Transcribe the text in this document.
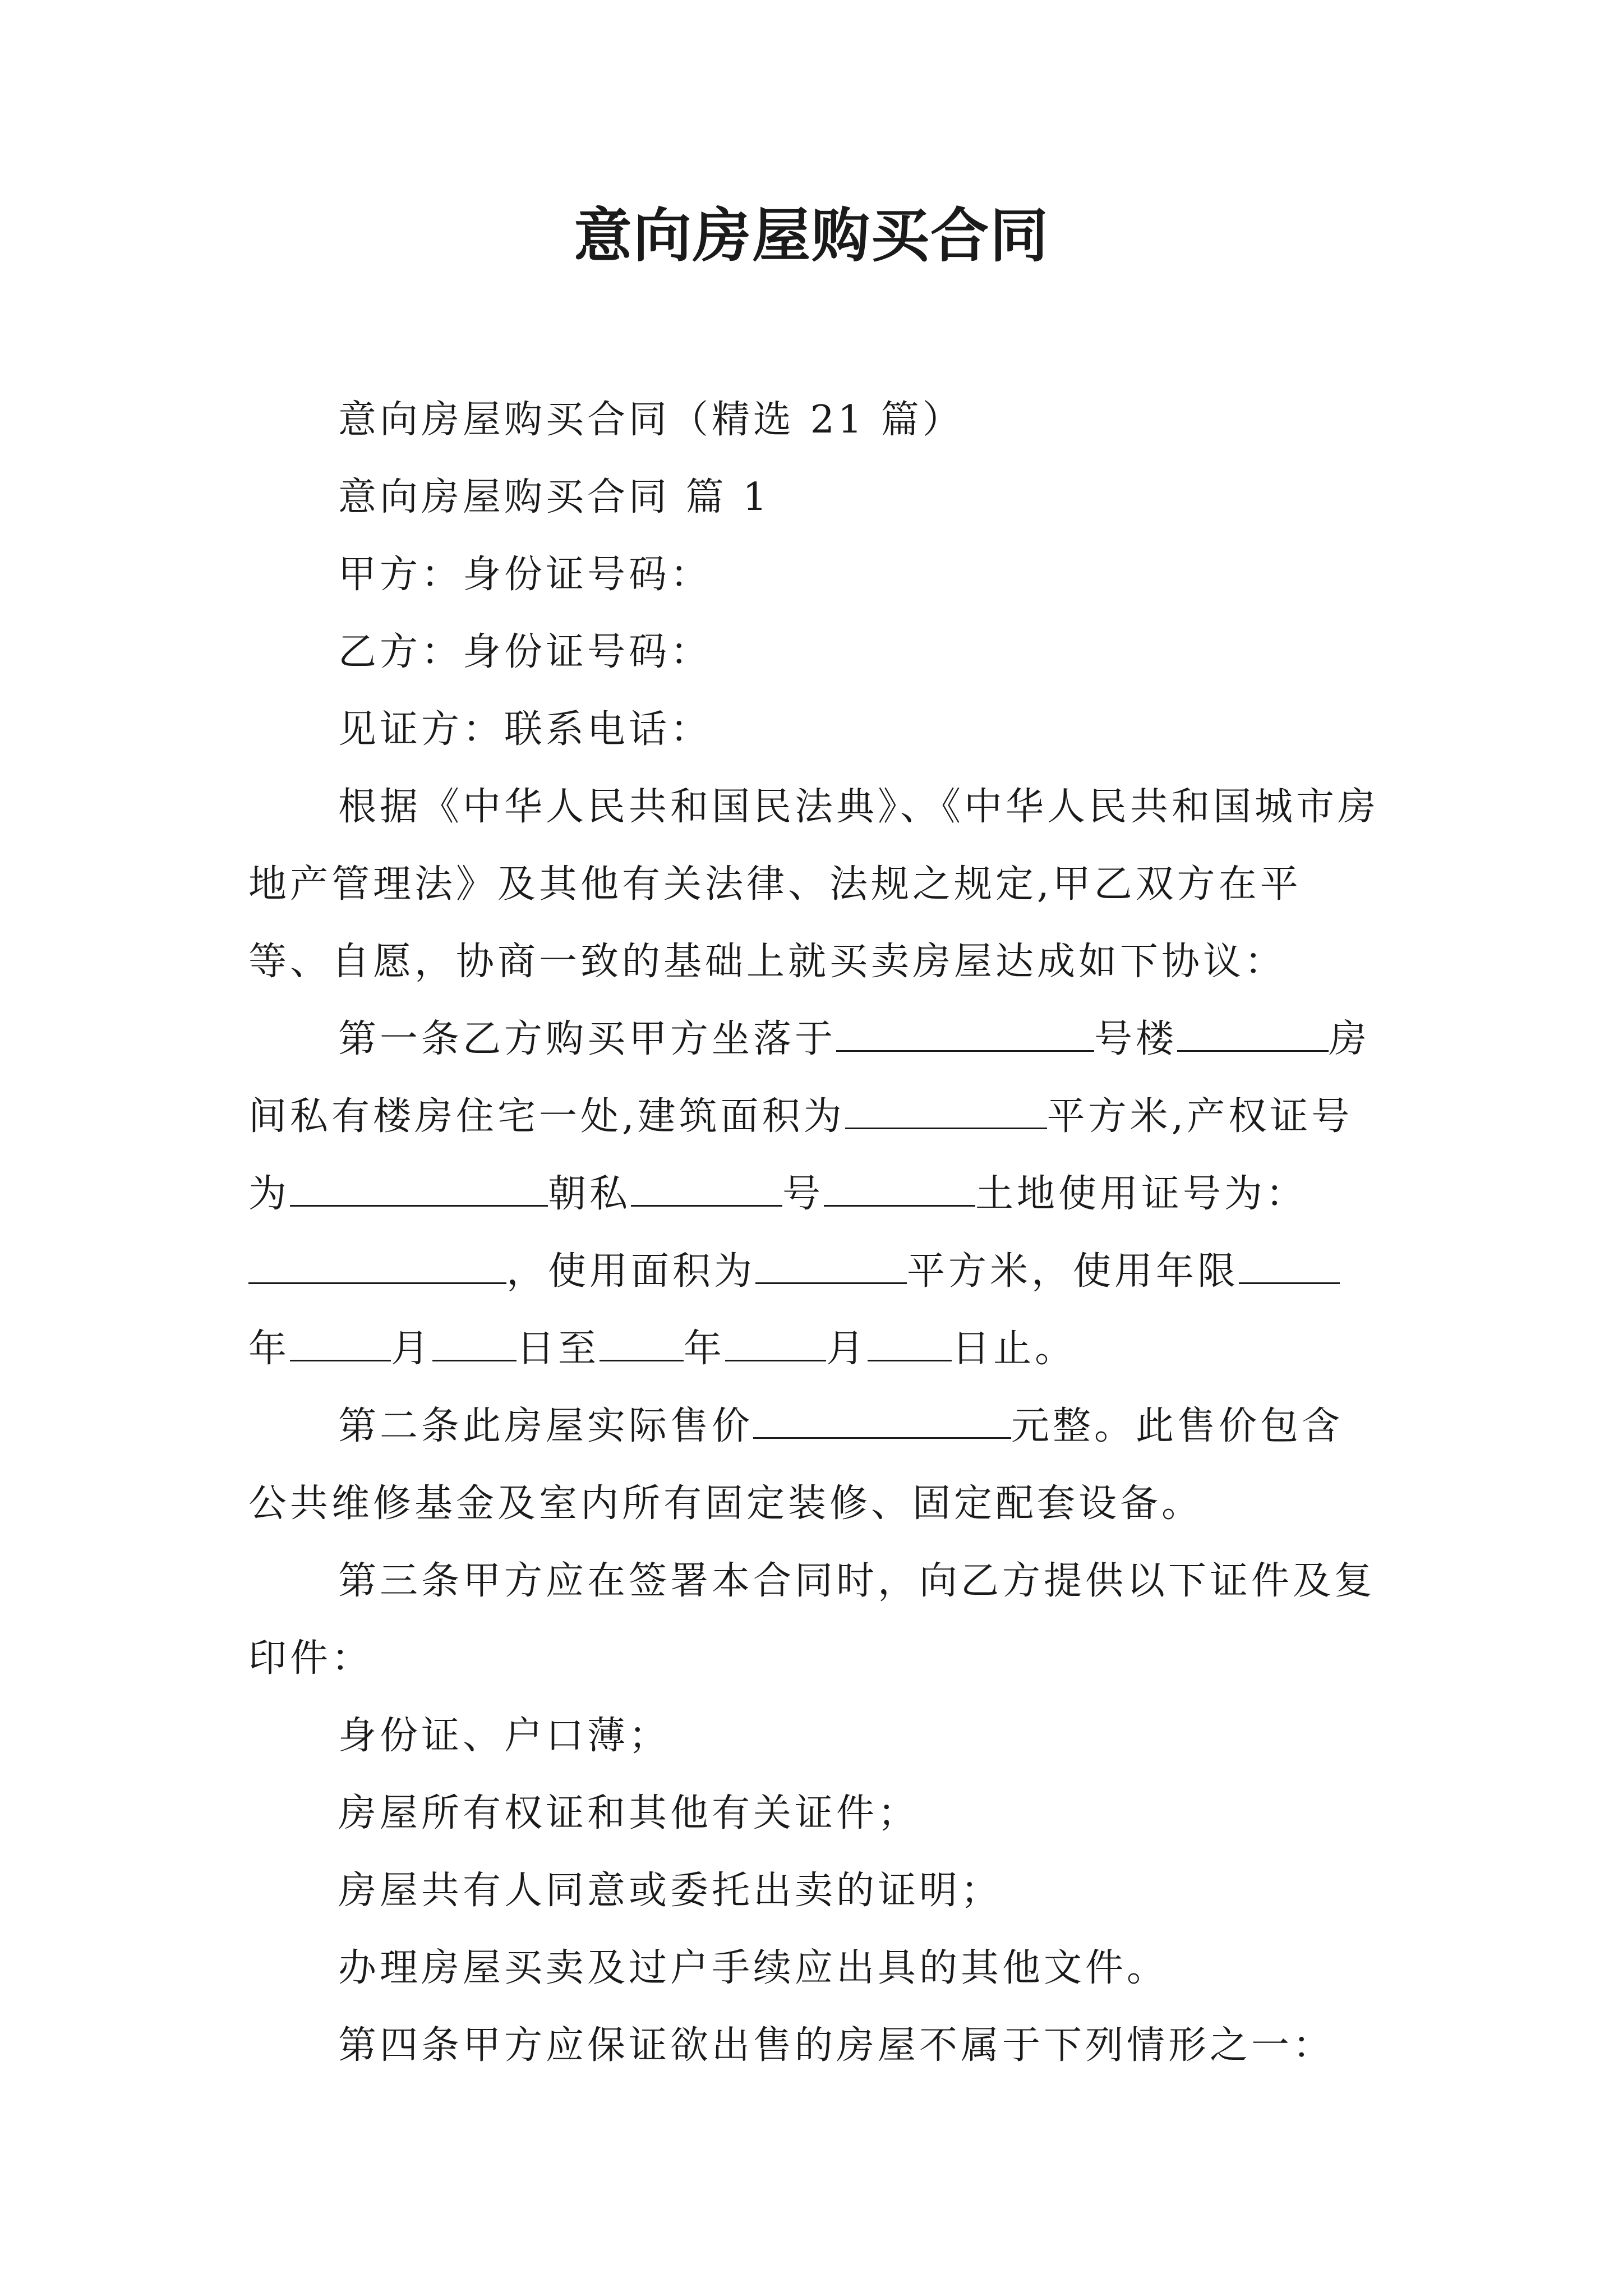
意向房屋购买合同

意向房屋购买合同（精选 21 篇）

意向房屋购买合同 篇 1

甲方：身份证号码：

乙方：身份证号码：

见证方：联系电话：

根据《中华人民共和国民法典》、《中华人民共和国城市房地产管理法》及其他有关法律、法规之规定,甲乙双方在平等、自愿，协商一致的基础上就买卖房屋达成如下协议：

第一条乙方购买甲方坐落于	号楼	房间私有楼房住宅一处,建筑面积为	平方米,产权证号为	朝私	号	土地使用证号为：，使用面积为	平方米，使用年限年	月 日至 年	月 日止。

第二条此房屋实际售价	元整。此售价包含公共维修基金及室内所有固定装修、固定配套设备。

第三条甲方应在签署本合同时，向乙方提供以下证件及复印件：

身份证、户口薄；

房屋所有权证和其他有关证件；

房屋共有人同意或委托出卖的证明；

办理房屋买卖及过户手续应出具的其他文件。

第四条甲方应保证欲出售的房屋不属于下列情形之一：
